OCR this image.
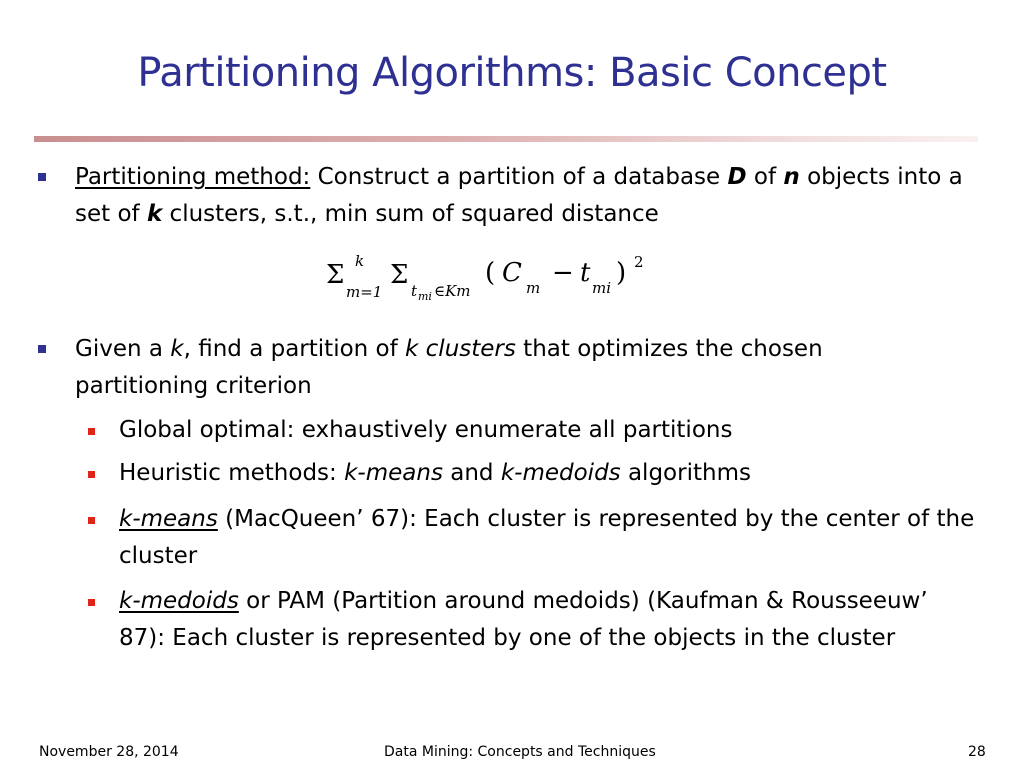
Partitioning Algorithms: Basic Concept
Partitioning method: Construct a partition of a database D of n objects into a set of k clusters, s.t., min sum of squared distance
Σ k
m=1
Σ
t mi ∈Km
( C m − t mi ) 2
Given a k, find a partition of k clusters that optimizes the chosen partitioning criterion
Global optimal: exhaustively enumerate all partitions
Heuristic methods: k-means and k-medoids algorithms
k-means (MacQueen’ 67): Each cluster is represented by the center of the cluster
k-medoids or PAM (Partition around medoids) (Kaufman & Rousseeuw’ 87): Each cluster is represented by one of the objects in the cluster
November 28, 2014	Data Mining: Concepts and Techniques	28
